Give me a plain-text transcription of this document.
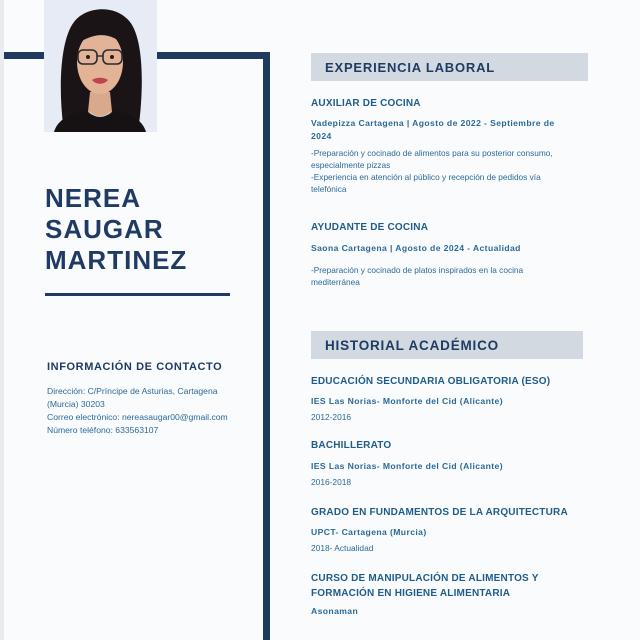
NEREA
SAUGAR
MARTINEZ
INFORMACIÓN DE CONTACTO
Dirección: C/Príncipe de Asturias, Cartagena
(Murcia) 30203
Correo electrónico: nereasaugar00@gmail.com
Número teléfono: 633563107
EXPERIENCIA LABORAL
AUXILIAR DE COCINA
Vadepizza Cartagena | Agosto de 2022 - Septiembre de
2024
-Preparación y cocinado de alimentos para su posterior consumo,
especialmente pizzas
-Experiencia en atención al público y recepción de pedidos vía
telefónica
AYUDANTE DE COCINA
Saona Cartagena | Agosto de 2024 - Actualidad
-Preparación y cocinado de platos inspirados en la cocina
mediterránea
HISTORIAL ACADÉMICO
EDUCACIÓN SECUNDARIA OBLIGATORIA (ESO)
IES Las Norias- Monforte del Cid (Alicante)
2012-2016
BACHILLERATO
IES Las Norias- Monforte del Cid (Alicante)
2016-2018
GRADO EN FUNDAMENTOS DE LA ARQUITECTURA
UPCT- Cartagena (Murcia)
2018- Actualidad
CURSO DE MANIPULACIÓN DE ALIMENTOS Y
FORMACIÓN EN HIGIENE ALIMENTARIA
Asonaman
